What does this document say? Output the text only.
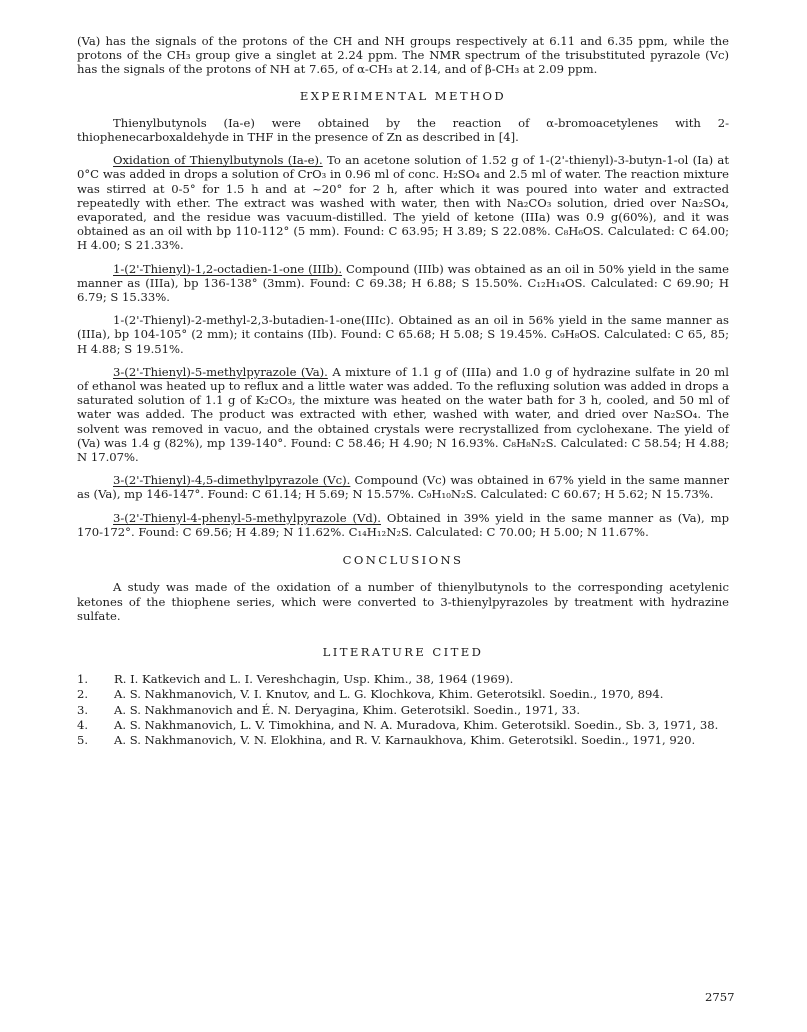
(Va) has the signals of the protons of the CH and NH groups respectively at 6.11 and 6.35 ppm, while the protons of the CH₃ group give a singlet at 2.24 ppm. The NMR spectrum of the trisubstituted pyrazole (Vc) has the signals of the protons of NH at 7.65, of α-CH₃ at 2.14, and of β-CH₃ at 2.09 ppm.

EXPERIMENTAL METHOD

Thienylbutynols (Ia-e) were obtained by the reaction of α-bromoacetylenes with 2-thiophenecarboxaldehyde in THF in the presence of Zn as described in [4].

Oxidation of Thienylbutynols (Ia-e). To an acetone solution of 1.52 g of 1-(2'-thienyl)-3-butyn-1-ol (Ia) at 0°C was added in drops a solution of CrO₃ in 0.96 ml of conc. H₂SO₄ and 2.5 ml of water. The reaction mixture was stirred at 0-5° for 1.5 h and at ~20° for 2 h, after which it was poured into water and extracted repeatedly with ether. The extract was washed with water, then with Na₂CO₃ solution, dried over Na₂SO₄, evaporated, and the residue was vacuum-distilled. The yield of ketone (IIIa) was 0.9 g(60%), and it was obtained as an oil with bp 110-112° (5 mm). Found: C 63.95; H 3.89; S 22.08%. C₈H₆OS. Calculated: C 64.00; H 4.00; S 21.33%.

1-(2'-Thienyl)-1,2-octadien-1-one (IIIb). Compound (IIIb) was obtained as an oil in 50% yield in the same manner as (IIIa), bp 136-138° (3mm). Found: C 69.38; H 6.88; S 15.50%. C₁₂H₁₄OS. Calculated: C 69.90; H 6.79; S 15.33%.

1-(2'-Thienyl)-2-methyl-2,3-butadien-1-one(IIIc). Obtained as an oil in 56% yield in the same manner as (IIIa), bp 104-105° (2 mm); it contains (IIb). Found: C 65.68; H 5.08; S 19.45%. C₉H₈OS. Calculated: C 65, 85; H 4.88; S 19.51%.

3-(2'-Thienyl)-5-methylpyrazole (Va). A mixture of 1.1 g of (IIIa) and 1.0 g of hydrazine sulfate in 20 ml of ethanol was heated up to reflux and a little water was added. To the refluxing solution was added in drops a saturated solution of 1.1 g of K₂CO₃, the mixture was heated on the water bath for 3 h, cooled, and 50 ml of water was added. The product was extracted with ether, washed with water, and dried over Na₂SO₄. The solvent was removed in vacuo, and the obtained crystals were recrystallized from cyclohexane. The yield of (Va) was 1.4 g (82%), mp 139-140°. Found: C 58.46; H 4.90; N 16.93%. C₈H₈N₂S. Calculated: C 58.54; H 4.88; N 17.07%.

3-(2'-Thienyl)-4,5-dimethylpyrazole (Vc). Compound (Vc) was obtained in 67% yield in the same manner as (Va), mp 146-147°. Found: C 61.14; H 5.69; N 15.57%. C₉H₁₀N₂S. Calculated: C 60.67; H 5.62; N 15.73%.

3-(2'-Thienyl-4-phenyl-5-methylpyrazole (Vd). Obtained in 39% yield in the same manner as (Va), mp 170-172°. Found: C 69.56; H 4.89; N 11.62%. C₁₄H₁₂N₂S. Calculated: C 70.00; H 5.00; N 11.67%.

CONCLUSIONS

A study was made of the oxidation of a number of thienylbutynols to the corresponding acetylenic ketones of the thiophene series, which were converted to 3-thienylpyrazoles by treatment with hydrazine sulfate.

LITERATURE CITED
1. R. I. Katkevich and L. I. Vereshchagin, Usp. Khim., 38, 1964 (1969).
2. A. S. Nakhmanovich, V. I. Knutov, and L. G. Klochkova, Khim. Geterotsikl. Soedin., 1970, 894.
3. A. S. Nakhmanovich and É. N. Deryagina, Khim. Geterotsikl. Soedin., 1971, 33.
4. A. S. Nakhmanovich, L. V. Timokhina, and N. A. Muradova, Khim. Geterotsikl. Soedin., Sb. 3, 1971, 38.
5. A. S. Nakhmanovich, V. N. Elokhina, and R. V. Karnaukhova, Khim. Geterotsikl. Soedin., 1971, 920.
2757
